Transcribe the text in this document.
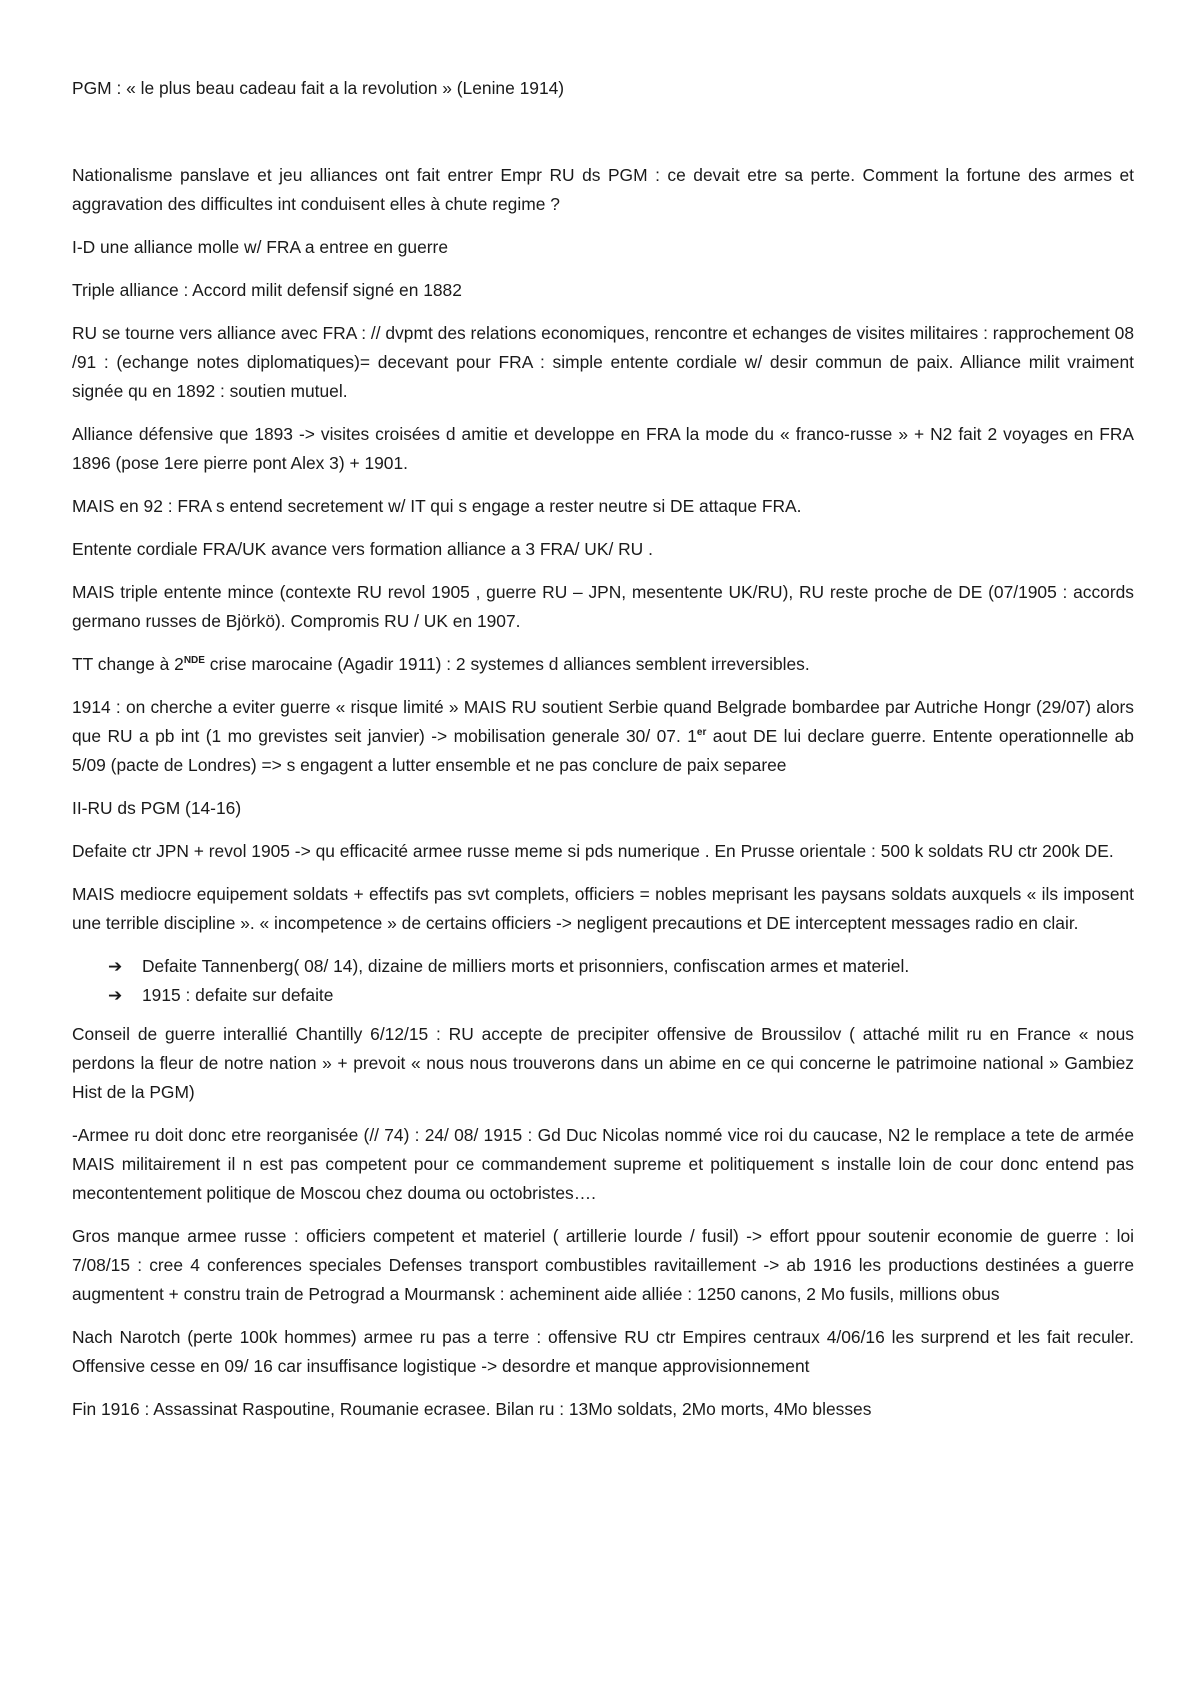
PGM : « le plus beau cadeau fait a la revolution » (Lenine 1914)

Nationalisme panslave et jeu alliances ont fait entrer Empr RU ds PGM : ce devait etre sa perte. Comment la fortune des armes et aggravation des difficultes int conduisent elles à chute regime ?

I-D une alliance molle w/ FRA a entree en guerre

Triple alliance : Accord milit defensif signé en 1882

RU se tourne vers alliance avec FRA : // dvpmt des relations economiques, rencontre et echanges de visites militaires : rapprochement 08 /91 : (echange notes diplomatiques)= decevant pour FRA : simple entente cordiale w/ desir commun de paix. Alliance milit vraiment signée qu en 1892 : soutien mutuel.

Alliance défensive que 1893 -> visites croisées d amitie et developpe en FRA la mode du « franco-russe » + N2 fait 2 voyages en FRA 1896 (pose 1ere pierre pont Alex 3) + 1901.

MAIS en 92 : FRA s entend secretement w/ IT qui s engage a rester neutre si DE attaque FRA.

Entente cordiale FRA/UK avance vers formation alliance a 3 FRA/ UK/ RU .

MAIS triple entente mince (contexte RU revol 1905 , guerre RU – JPN, mesentente UK/RU), RU reste proche de DE (07/1905 : accords germano russes de Björkö). Compromis RU / UK en 1907.

TT change à 2NDE crise marocaine (Agadir 1911) : 2 systemes d alliances semblent irreversibles.

1914 : on cherche a eviter guerre « risque limité » MAIS RU soutient Serbie quand Belgrade bombardee par Autriche Hongr (29/07) alors que RU a pb int (1 mo grevistes seit janvier) -> mobilisation generale 30/ 07. 1er aout DE lui declare guerre. Entente operationnelle ab 5/09 (pacte de Londres) => s engagent a lutter ensemble et ne pas conclure de paix separee

II-RU ds PGM (14-16)

Defaite ctr JPN + revol 1905 -> qu efficacité armee russe meme si pds numerique . En Prusse orientale : 500 k soldats RU ctr 200k DE.

MAIS mediocre equipement soldats + effectifs pas svt complets, officiers = nobles meprisant les paysans soldats auxquels « ils imposent une terrible discipline ». « incompetence » de certains officiers -> negligent precautions et DE interceptent messages radio en clair.

➔ Defaite Tannenberg( 08/ 14), dizaine de milliers morts et prisonniers, confiscation armes et materiel.
➔ 1915 : defaite sur defaite

Conseil de guerre interallié Chantilly 6/12/15 : RU accepte de precipiter offensive de Broussilov ( attaché milit ru en France « nous perdons la fleur de notre nation » + prevoit « nous nous trouverons dans un abime en ce qui concerne le patrimoine national » Gambiez Hist de la PGM)

-Armee ru doit donc etre reorganisée (// 74) : 24/ 08/ 1915 : Gd Duc Nicolas nommé vice roi du caucase, N2 le remplace a tete de armée MAIS militairement il n est pas competent pour ce commandement supreme et politiquement s installe loin de cour donc entend pas mecontentement politique de Moscou chez douma ou octobristes….

Gros manque armee russe : officiers competent et materiel ( artillerie lourde / fusil) -> effort ppour soutenir economie de guerre : loi 7/08/15 : cree 4 conferences speciales Defenses transport combustibles ravitaillement -> ab 1916 les productions destinées a guerre augmentent + constru train de Petrograd a Mourmansk : acheminent aide alliée : 1250 canons, 2 Mo fusils, millions obus

Nach Narotch (perte 100k hommes) armee ru pas a terre : offensive RU ctr Empires centraux 4/06/16 les surprend et les fait reculer. Offensive cesse en 09/ 16 car insuffisance logistique -> desordre et manque approvisionnement

Fin 1916 : Assassinat Raspoutine, Roumanie ecrasee. Bilan ru : 13Mo soldats, 2Mo morts, 4Mo blesses
